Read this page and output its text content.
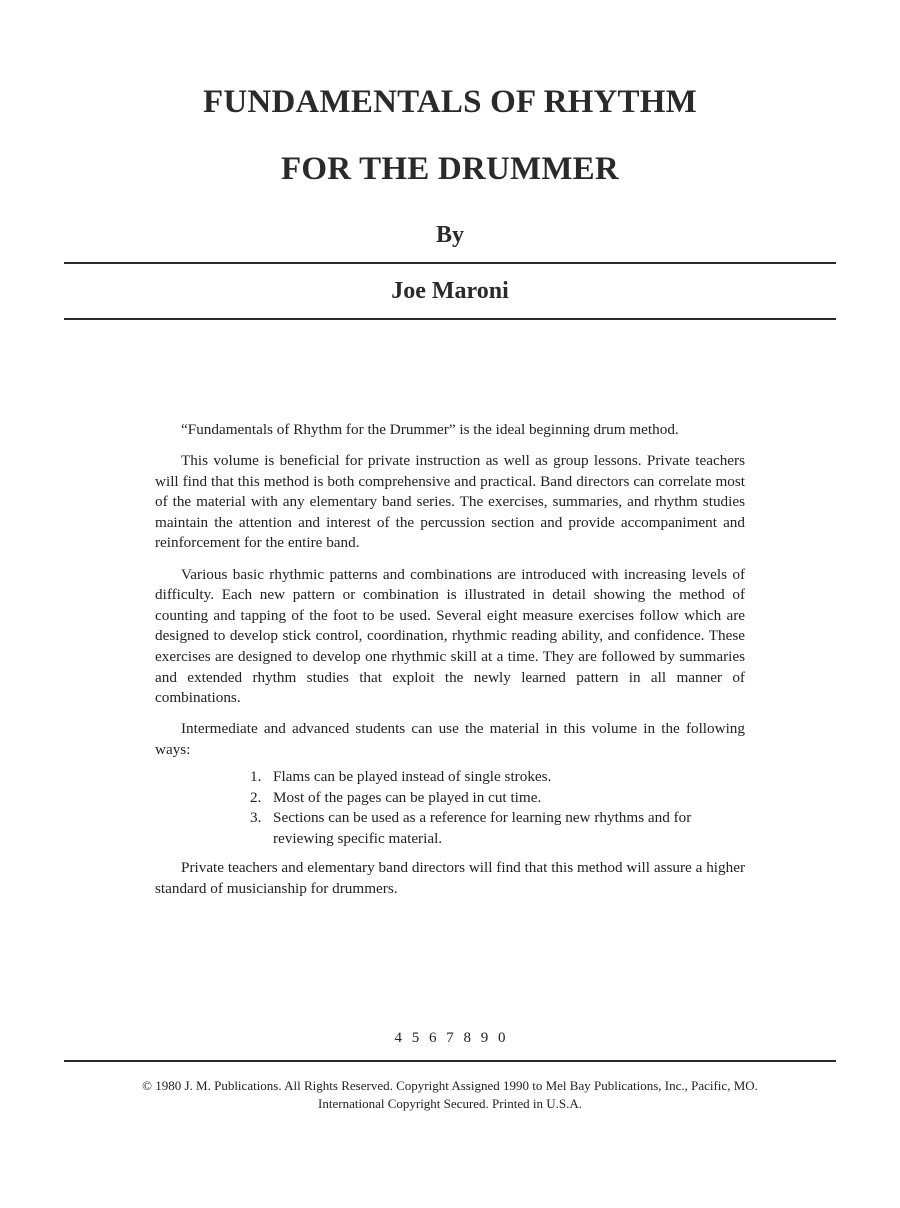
FUNDAMENTALS OF RHYTHM
FOR THE DRUMMER
By
Joe Maroni

“Fundamentals of Rhythm for the Drummer” is the ideal beginning drum method.

This volume is beneficial for private instruction as well as group lessons. Private teachers will find that this method is both comprehensive and practical. Band directors can correlate most of the material with any elementary band series. The exercises, summaries, and rhythm studies maintain the attention and interest of the percussion section and provide accompaniment and reinforcement for the entire band.

Various basic rhythmic patterns and combinations are introduced with increasing levels of difficulty. Each new pattern or combination is illustrated in detail showing the method of counting and tapping of the foot to be used. Several eight measure exercises follow which are designed to develop stick control, coordination, rhythmic reading ability, and confidence. These exercises are designed to develop one rhythmic skill at a time. They are followed by summaries and extended rhythm studies that exploit the newly learned pattern in all manner of combinations.

Intermediate and advanced students can use the material in this volume in the following ways:

1. Flams can be played instead of single strokes.
2. Most of the pages can be played in cut time.
3. Sections can be used as a reference for learning new rhythms and for reviewing specific material.

Private teachers and elementary band directors will find that this method will assure a higher standard of musicianship for drummers.

4 5 6 7 8 9 0
© 1980 J. M. Publications. All Rights Reserved. Copyright Assigned 1990 to Mel Bay Publications, Inc., Pacific, MO.
International Copyright Secured. Printed in U.S.A.
